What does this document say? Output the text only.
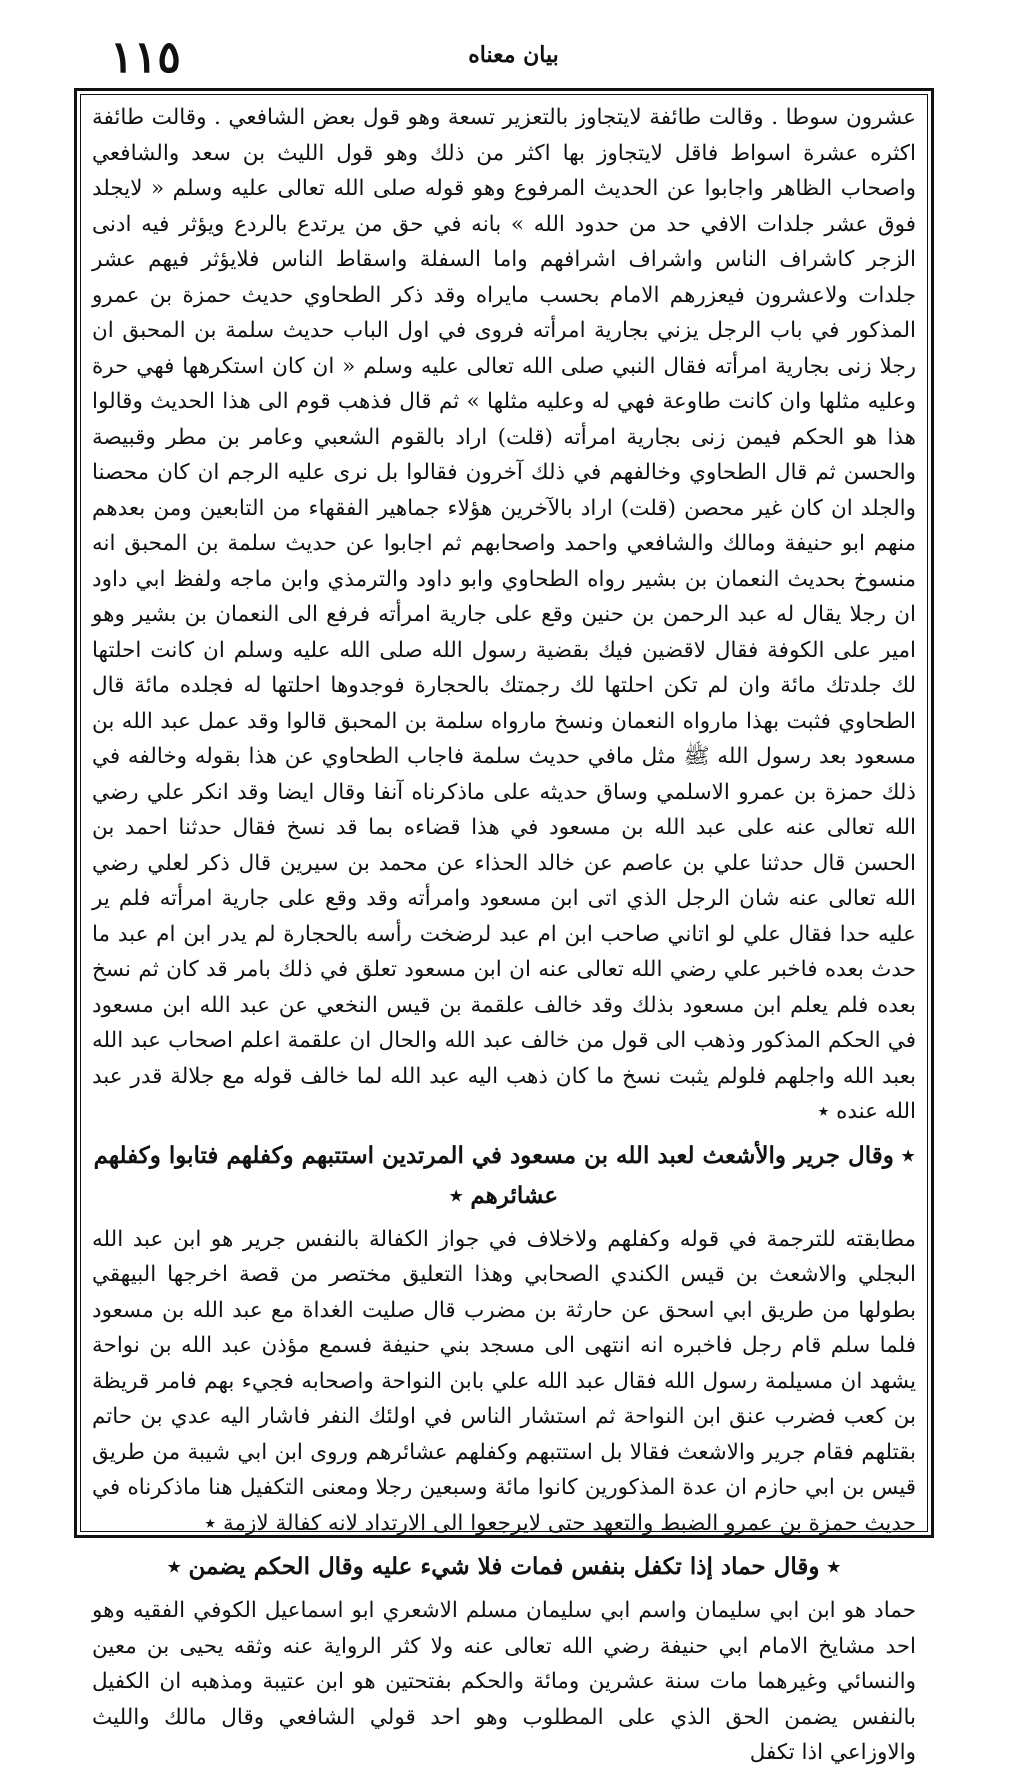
١١٥	بيان معناه

عشرون سوطا . وقالت طائفة لايتجاوز بالتعزير تسعة وهو قول بعض الشافعي . وقالت طائفة اكثره عشرة اسواط فاقل لايتجاوز بها اكثر من ذلك وهو قول الليث بن سعد والشافعي واصحاب الظاهر واجابوا عن الحديث المرفوع وهو قوله صلى الله تعالى عليه وسلم « لايجلد فوق عشر جلدات الافي حد من حدود الله » بانه في حق من يرتدع بالردع ويؤثر فيه ادنى الزجر كاشراف الناس واشراف اشرافهم واما السفلة واسقاط الناس فلايؤثر فيهم عشر جلدات ولاعشرون فيعزرهم الامام بحسب مايراه وقد ذكر الطحاوي حديث حمزة بن عمرو المذكور في باب الرجل يزني بجارية امرأته فروى في اول الباب حديث سلمة بن المحبق ان رجلا زنى بجارية امرأته فقال النبي صلى الله تعالى عليه وسلم « ان كان استكرهها فهي حرة وعليه مثلها وان كانت طاوعة فهي له وعليه مثلها » ثم قال فذهب قوم الى هذا الحديث وقالوا هذا هو الحكم فيمن زنى بجارية امرأته (قلت) اراد بالقوم الشعبي وعامر بن مطر وقبيصة والحسن ثم قال الطحاوي وخالفهم في ذلك آخرون فقالوا بل نرى عليه الرجم ان كان محصنا والجلد ان كان غير محصن (قلت) اراد بالآخرين هؤلاء جماهير الفقهاء من التابعين ومن بعدهم منهم ابو حنيفة ومالك والشافعي واحمد واصحابهم ثم اجابوا عن حديث سلمة بن المحبق انه منسوخ بحديث النعمان بن بشير رواه الطحاوي وابو داود والترمذي وابن ماجه ولفظ ابي داود ان رجلا يقال له عبد الرحمن بن حنين وقع على جارية امرأته فرفع الى النعمان بن بشير وهو امير على الكوفة فقال لاقضين فيك بقضية رسول الله صلى الله عليه وسلم ان كانت احلتها لك جلدتك مائة وان لم تكن احلتها لك رجمتك بالحجارة فوجدوها احلتها له فجلده مائة قال الطحاوي فثبت بهذا مارواه النعمان ونسخ مارواه سلمة بن المحبق قالوا وقد عمل عبد الله بن مسعود بعد رسول الله ﷺ مثل مافي حديث سلمة فاجاب الطحاوي عن هذا بقوله وخالفه في ذلك حمزة بن عمرو الاسلمي وساق حديثه على ماذكرناه آنفا وقال ايضا وقد انكر علي رضي الله تعالى عنه على عبد الله بن مسعود في هذا قضاءه بما قد نسخ فقال حدثنا احمد بن الحسن قال حدثنا علي بن عاصم عن خالد الحذاء عن محمد بن سيرين قال ذكر لعلي رضي الله تعالى عنه شان الرجل الذي اتى ابن مسعود وامرأته وقد وقع على جارية امرأته فلم ير عليه حدا فقال علي لو اتاني صاحب ابن ام عبد لرضخت رأسه بالحجارة لم يدر ابن ام عبد ما حدث بعده فاخبر علي رضي الله تعالى عنه ان ابن مسعود تعلق في ذلك بامر قد كان ثم نسخ بعده فلم يعلم ابن مسعود بذلك وقد خالف علقمة بن قيس النخعي عن عبد الله ابن مسعود في الحكم المذكور وذهب الى قول من خالف عبد الله والحال ان علقمة اعلم اصحاب عبد الله بعبد الله واجلهم فلولم يثبت نسخ ما كان ذهب اليه عبد الله لما خالف قوله مع جلالة قدر عبد الله عنده ٭

٭ وقال جرير والأشعث لعبد الله بن مسعود في المرتدين استتبهم وكفلهم فتابوا وكفلهم عشائرهم ٭

مطابقته للترجمة في قوله وكفلهم ولاخلاف في جواز الكفالة بالنفس جرير هو ابن عبد الله البجلي والاشعث بن قيس الكندي الصحابي وهذا التعليق مختصر من قصة اخرجها البيهقي بطولها من طريق ابي اسحق عن حارثة بن مضرب قال صليت الغداة مع عبد الله بن مسعود فلما سلم قام رجل فاخبره انه انتهى الى مسجد بني حنيفة فسمع مؤذن عبد الله بن نواحة يشهد ان مسيلمة رسول الله فقال عبد الله علي بابن النواحة واصحابه فجيء بهم فامر قريظة بن كعب فضرب عنق ابن النواحة ثم استشار الناس في اولئك النفر فاشار اليه عدي بن حاتم بقتلهم فقام جرير والاشعث فقالا بل استتبهم وكفلهم عشائرهم وروى ابن ابي شيبة من طريق قيس بن ابي حازم ان عدة المذكورين كانوا مائة وسبعين رجلا ومعنى التكفيل هنا ماذكرناه في حديث حمزة بن عمرو الضبط والتعهد حتى لايرجعوا الى الارتداد لانه كفالة لازمة ٭

٭ وقال حماد إذا تكفل بنفس فمات فلا شيء عليه وقال الحكم يضمن ٭

حماد هو ابن ابي سليمان واسم ابي سليمان مسلم الاشعري ابو اسماعيل الكوفي الفقيه وهو احد مشايخ الامام ابي حنيفة رضي الله تعالى عنه ولا كثر الرواية عنه وثقه يحيى بن معين والنسائي وغيرهما مات سنة عشرين ومائة والحكم بفتحتين هو ابن عتيبة ومذهبه ان الكفيل بالنفس يضمن الحق الذي على المطلوب وهو احد قولي الشافعي وقال مالك والليث والاوزاعي اذا تكفل
